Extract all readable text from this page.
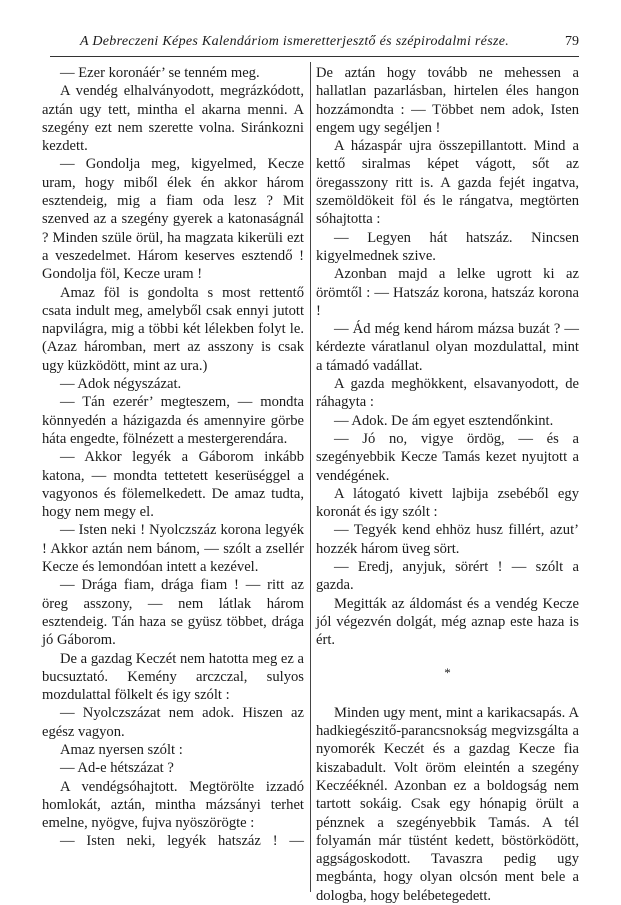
A Debreczeni Képes Kalendáriom ismeretterjesztő és szépirodalmi része.	79

— Ezer koronáér’ se tenném meg.

A vendég elhalványodott, megrázkódott, aztán ugy tett, mintha el akarna menni. A szegény ezt nem szerette volna. Siránkozni kezdett.

— Gondolja meg, kigyelmed, Kecze uram, hogy miből élek én akkor három esztendeig, mig a fiam oda lesz ? Mit szenved az a szegény gyerek a katonaságnál ? Minden szüle örül, ha magzata kikerüli ezt a veszedelmet. Három keserves esztendő ! Gondolja föl, Kecze uram !

Amaz föl is gondolta s most rettentő csata indult meg, amelyből csak ennyi jutott napvilágra, mig a többi két lélekben folyt le. (Azaz háromban, mert az asszony is csak ugy küzködött, mint az ura.)

— Adok négyszázat.

— Tán ezerér’ megteszem, — mondta könnyedén a házigazda és amennyire görbe háta engedte, fölnézett a mestergerendára.

— Akkor legyék a Gáborom inkább katona, — mondta tettetett keserüséggel a vagyonos és fölemelkedett. De amaz tudta, hogy nem megy el.

— Isten neki ! Nyolczszáz korona legyék ! Akkor aztán nem bánom, — szólt a zsellér Kecze és lemondóan intett a kezével.

— Drága fiam, drága fiam ! — ritt az öreg asszony, — nem látlak három esztendeig. Tán haza se gyüsz többet, drága jó Gáborom.

De a gazdag Keczét nem hatotta meg ez a bucsuztató. Kemény arczczal, sulyos mozdulattal fölkelt és igy szólt :

— Nyolczszázat nem adok. Hiszen az egész vagyon.

Amaz nyersen szólt :

— Ad-e hétszázat ?

A vendégsóhajtott. Megtörölte izzadó homlokát, aztán, mintha mázsányi terhet emelne, nyögve, fujva nyöszörögte :

— Isten neki, legyék hatszáz ! —

De aztán hogy tovább ne mehessen a hallatlan pazarlásban, hirtelen éles hangon hozzámondta : — Többet nem adok, Isten engem ugy segéljen !

A házaspár ujra összepillantott. Mind a kettő siralmas képet vágott, sőt az öregasszony ritt is. A gazda fejét ingatva, szemöldökeit föl és le rángatva, megtörten sóhajtotta :

— Legyen hát hatszáz. Nincsen kigyelmednek szive.

Azonban majd a lelke ugrott ki az örömtől : — Hatszáz korona, hatszáz korona !

— Ád még kend három mázsa buzát ? — kérdezte váratlanul olyan mozdulattal, mint a támadó vadállat.

A gazda meghökkent, elsavanyodott, de ráhagyta :

— Adok. De ám egyet esztendőnkint.

— Jó no, vigye ördög, — és a szegényebbik Kecze Tamás kezet nyujtott a vendégének.

A látogató kivett lajbija zsebéből egy koronát és igy szólt :

— Tegyék kend ehhöz husz fillért, azut’ hozzék három üveg sört.

— Eredj, anyjuk, sörért ! — szólt a gazda.

Megitták az áldomást és a vendég Kecze jól végezvén dolgát, még aznap este haza is ért.

*

Minden ugy ment, mint a karikacsapás. A hadkiegészitő-parancsnokság megvizsgálta a nyomorék Keczét és a gazdag Kecze fia kiszabadult. Volt öröm eleintén a szegény Keczééknél. Azonban ez a boldogság nem tartott sokáig. Csak egy hónapig örült a pénznek a szegényebbik Tamás. A tél folyamán már tüstént kedett, böstörködött, aggságoskodott. Tavaszra pedig ugy megbánta, hogy olyan olcsón ment bele a dologba, hogy belébetegedett.
